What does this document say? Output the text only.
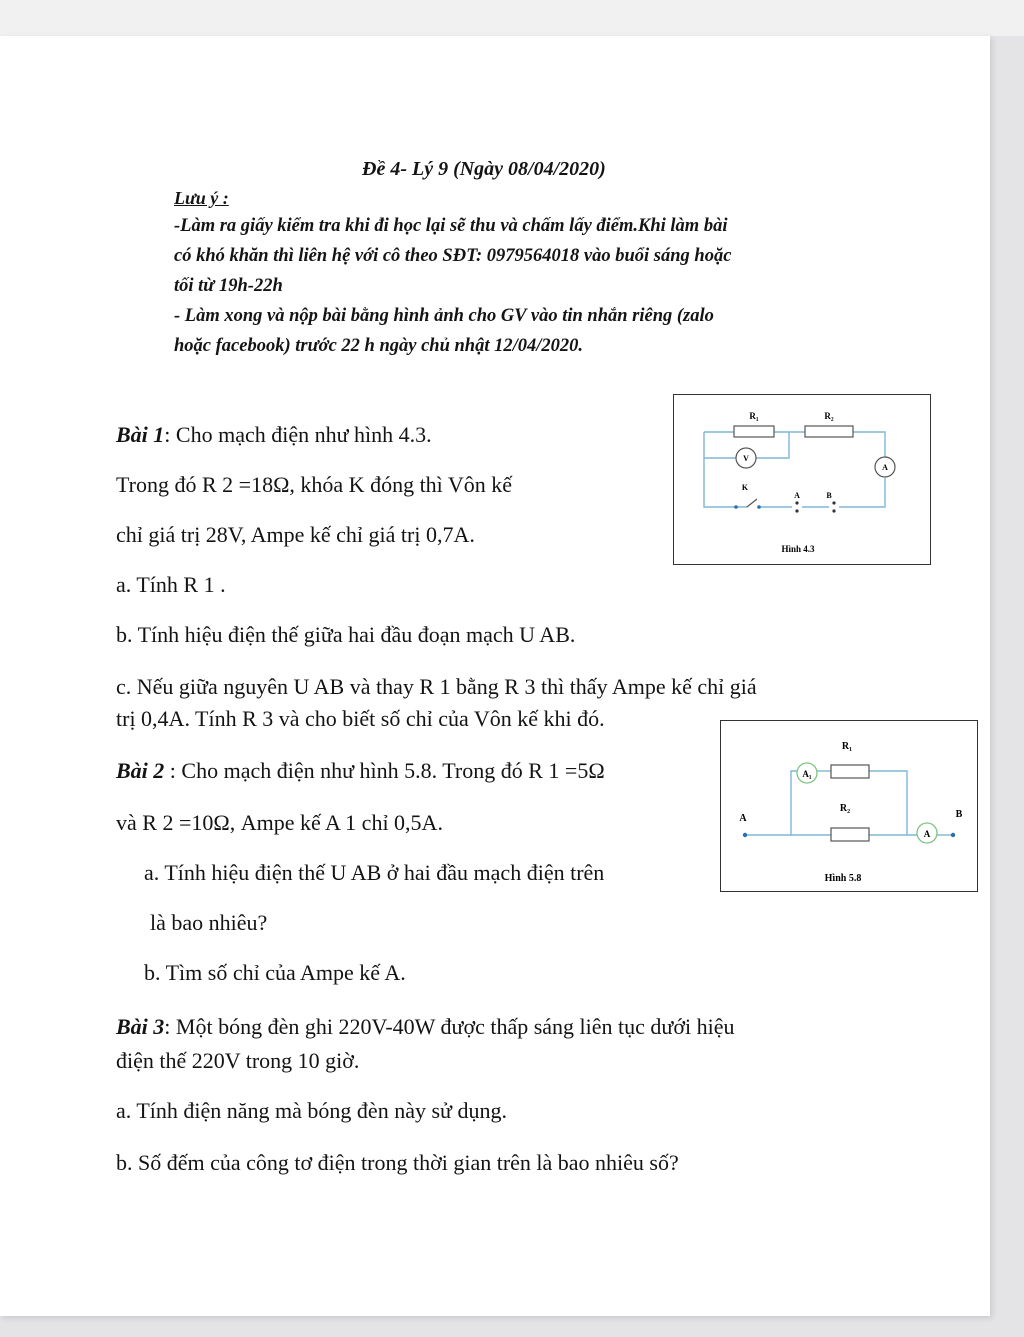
Đề 4- Lý 9 (Ngày 08/04/2020)
Lưu ý :
-Làm ra giấy kiểm tra khi đi học lại sẽ thu và chấm lấy điểm.Khi làm bài
có khó khăn thì liên hệ với cô theo SĐT: 0979564018 vào buổi sáng hoặc
tối từ 19h-22h
- Làm xong và nộp bài bằng hình ảnh cho GV vào tin nhắn riêng (zalo
hoặc facebook) trước 22 h ngày chủ nhật 12/04/2020.
Bài 1: Cho mạch điện như hình 4.3.
Trong đó R 2 =18Ω, khóa K đóng thì Vôn kế
chỉ giá trị 28V, Ampe kế chỉ giá trị 0,7A.
a. Tính R 1 .
b. Tính hiệu điện thế giữa hai đầu đoạn mạch U AB.
c. Nếu giữa nguyên U AB và thay R 1 bằng R 3 thì thấy Ampe kế chỉ giá
trị 0,4A. Tính R 3 và cho biết số chỉ của Vôn kế khi đó.
R₁	R₂
V
A
K
A	B
Hình 4.3
Bài 2 : Cho mạch điện như hình 5.8. Trong đó R 1 =5Ω
và R 2 =10Ω, Ampe kế A 1 chỉ 0,5A.
a. Tính hiệu điện thế U AB ở hai đầu mạch điện trên
là bao nhiêu?
b. Tìm số chỉ của Ampe kế A.
R₁
R₂
A₁
A
A	B
Hình 5.8
Bài 3: Một bóng đèn ghi 220V-40W được thấp sáng liên tục dưới hiệu
điện thế 220V trong 10 giờ.
a. Tính điện năng mà bóng đèn này sử dụng.
b. Số đếm của công tơ điện trong thời gian trên là bao nhiêu số?
